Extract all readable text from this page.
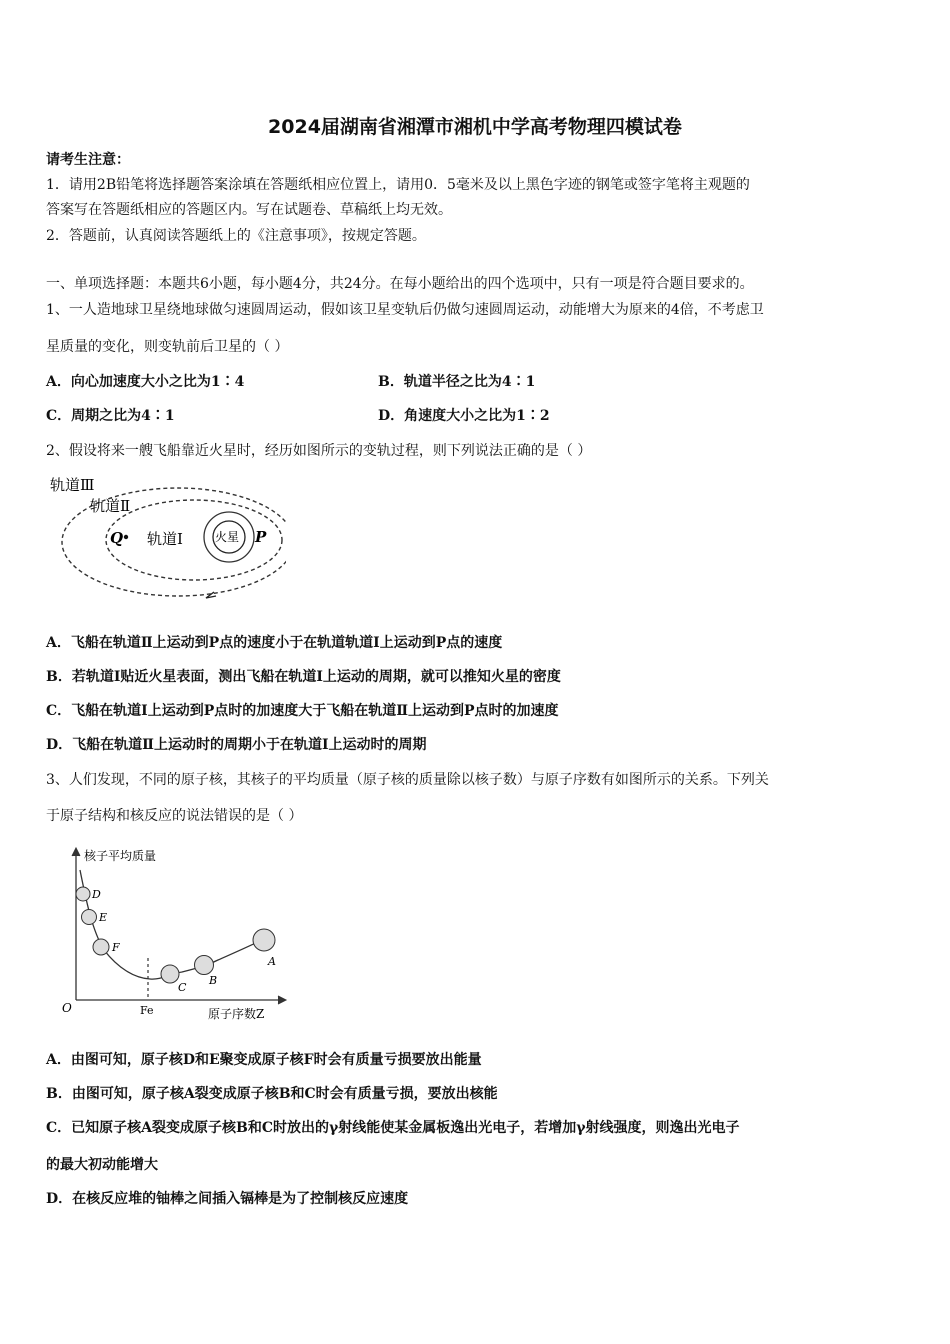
2024届湖南省湘潭市湘机中学高考物理四模试卷
请考生注意：
1．请用2B铅笔将选择题答案涂填在答题纸相应位置上，请用0．5毫米及以上黑色字迹的钢笔或签字笔将主观题的
答案写在答题纸相应的答题区内。写在试题卷、草稿纸上均无效。
2．答题前，认真阅读答题纸上的《注意事项》，按规定答题。
一、单项选择题：本题共6小题，每小题4分，共24分。在每小题给出的四个选项中，只有一项是符合题目要求的。
1、一人造地球卫星绕地球做匀速圆周运动，假如该卫星变轨后仍做匀速圆周运动，动能增大为原来的4倍，不考虑卫
星质量的变化，则变轨前后卫星的（ ）
A．向心加速度大小之比为1∶4	B．轨道半径之比为4∶1
C．周期之比为4∶1	D．角速度大小之比为1∶2
2、假设将来一艘飞船靠近火星时，经历如图所示的变轨过程，则下列说法正确的是（ ）
轨道Ⅲ
轨道Ⅱ
轨道Ⅰ	火星
Q	P
A．飞船在轨道Ⅱ上运动到P点的速度小于在轨道轨道Ⅰ上运动到P点的速度
B．若轨道I贴近火星表面，测出飞船在轨道I上运动的周期，就可以推知火星的密度
C．飞船在轨道I上运动到P点时的加速度大于飞船在轨道Ⅱ上运动到P点时的加速度
D．飞船在轨道Ⅱ上运动时的周期小于在轨道I上运动时的周期
3、人们发现，不同的原子核，其核子的平均质量（原子核的质量除以核子数）与原子序数有如图所示的关系。下列关
于原子结构和核反应的说法错误的是（ ）
核子平均质量
原子序数Z
O	Fe
D
E
F
C
B
A
A．由图可知，原子核D和E聚变成原子核F时会有质量亏损要放出能量
B．由图可知，原子核A裂变成原子核B和C时会有质量亏损，要放出核能
C．已知原子核A裂变成原子核B和C时放出的γ射线能使某金属板逸出光电子，若增加γ射线强度，则逸出光电子
的最大初动能增大
D．在核反应堆的铀棒之间插入镉棒是为了控制核反应速度
